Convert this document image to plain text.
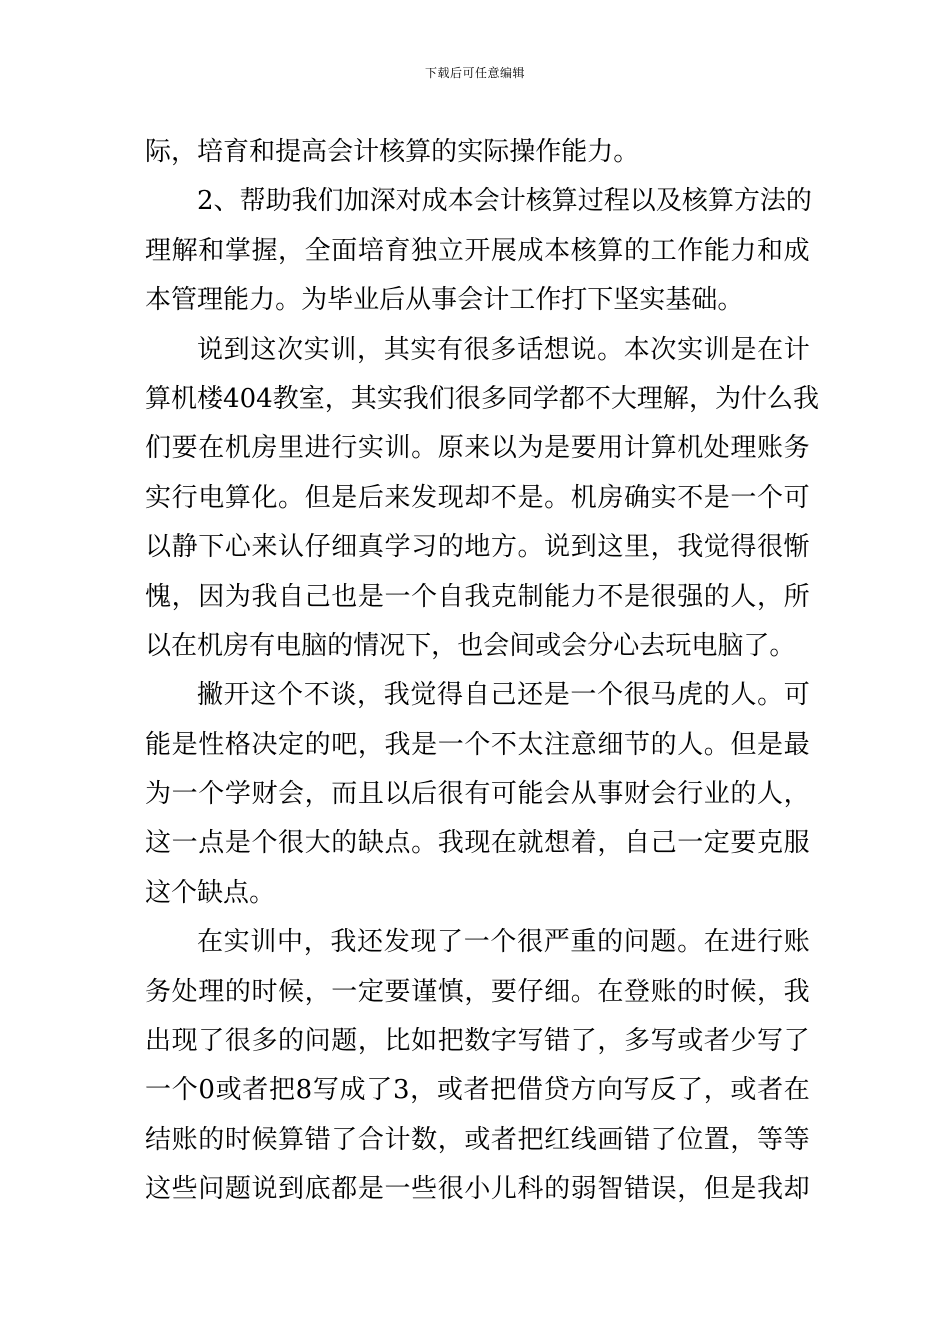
下载后可任意编辑
际 ， 培 育 和 提 高 会 计 核 算 的 实 际 操 作 能 力 。
2 、 帮 助 我 们 加 深 对 成 本 会 计 核 算 过 程 以 及 核 算 方 法 的
理 解 和 掌 握 ， 全 面 培 育 独 立 开 展 成 本 核 算 的 工 作 能 力 和 成
本 管 理 能 力 。 为 毕 业 后 从 事 会 计 工 作 打 下 坚 实 基 础 。
说 到 这 次 实 训 ， 其 实 有 很 多 话 想 说 。 本 次 实 训 是 在 计
算 机 楼 404 教 室 ， 其 实 我 们 很 多 同 学 都 不 大 理 解 ， 为 什 么 我
们 要 在 机 房 里 进 行 实 训 。 原 来 以 为 是 要 用 计 算 机 处 理 账 务
实 行 电 算 化 。 但 是 后 来 发 现 却 不 是 。 机 房 确 实 不 是 一 个 可
以 静 下 心 来 认 仔 细 真 学 习 的 地 方 。 说 到 这 里 ， 我 觉 得 很 惭
愧 ， 因 为 我 自 己 也 是 一 个 自 我 克 制 能 力 不 是 很 强 的 人 ， 所
以 在 机 房 有 电 脑 的 情 况 下 ， 也 会 间 或 会 分 心 去 玩 电 脑 了 。
撇 开 这 个 不 谈 ， 我 觉 得 自 己 还 是 一 个 很 马 虎 的 人 。 可
能 是 性 格 决 定 的 吧 ， 我 是 一 个 不 太 注 意 细 节 的 人 。 但 是 最
为 一 个 学 财 会 ， 而 且 以 后 很 有 可 能 会 从 事 财 会 行 业 的 人 ，
这 一 点 是 个 很 大 的 缺 点 。 我 现 在 就 想 着 ， 自 己 一 定 要 克 服
这 个 缺 点 。
在 实 训 中 ， 我 还 发 现 了 一 个 很 严 重 的 问 题 。 在 进 行 账
务 处 理 的 时 候 ， 一 定 要 谨 慎 ， 要 仔 细 。 在 登 账 的 时 候 ， 我
出 现 了 很 多 的 问 题 ， 比 如 把 数 字 写 错 了 ， 多 写 或 者 少 写 了
一 个 0 或 者 把 8 写 成 了 3 ， 或 者 把 借 贷 方 向 写 反 了 ， 或 者 在
结 账 的 时 候 算 错 了 合 计 数 ， 或 者 把 红 线 画 错 了 位 置 ， 等 等
这 些 问 题 说 到 底 都 是 一 些 很 小 儿 科 的 弱 智 错 误 ， 但 是 我 却
